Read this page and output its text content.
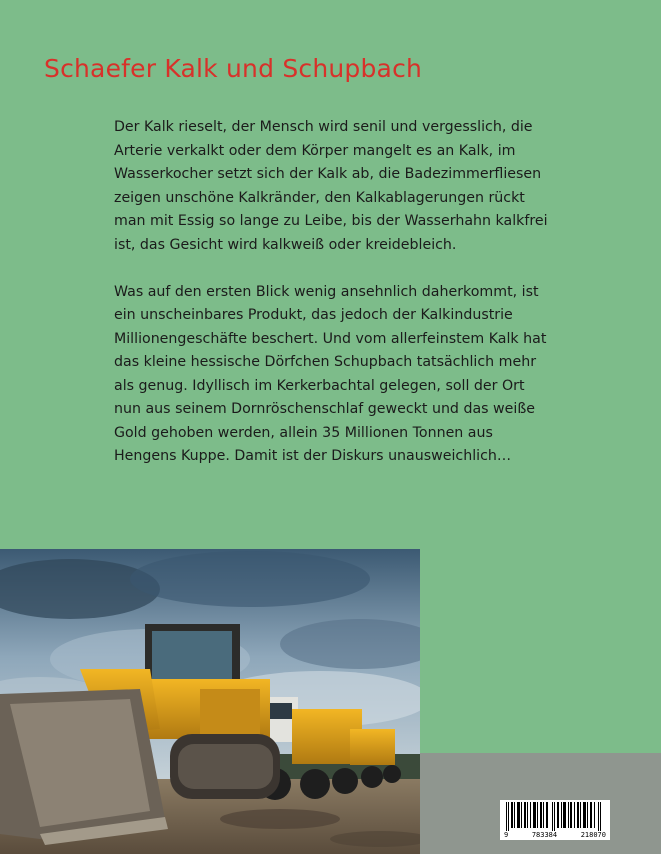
Schaefer Kalk und Schupbach

Der Kalk rieselt, der Mensch wird senil und vergesslich, die Arterie verkalkt oder dem Körper mangelt es an Kalk, im Wasserkocher setzt sich der Kalk ab, die Badezimmerfliesen zeigen unschöne Kalkränder, den Kalkablagerungen rückt man mit Essig so lange zu Leibe, bis der Wasserhahn kalkfrei ist, das Gesicht wird kalkweiß oder kreidebleich.

Was auf den ersten Blick wenig ansehnlich daherkommt, ist ein unscheinbares Produkt, das jedoch der Kalkindustrie Millionengeschäfte beschert. Und vom allerfeinstem Kalk hat das kleine hessische Dörfchen Schupbach tatsächlich mehr als genug. Idyllisch im Kerkerbachtal gelegen, soll der Ort nun aus seinem Dornröschenschlaf geweckt und das weiße Gold gehoben werden, allein 35 Millionen Tonnen aus Hengens Kuppe. Damit ist der Diskurs unausweichlich…

9	783384	218070
